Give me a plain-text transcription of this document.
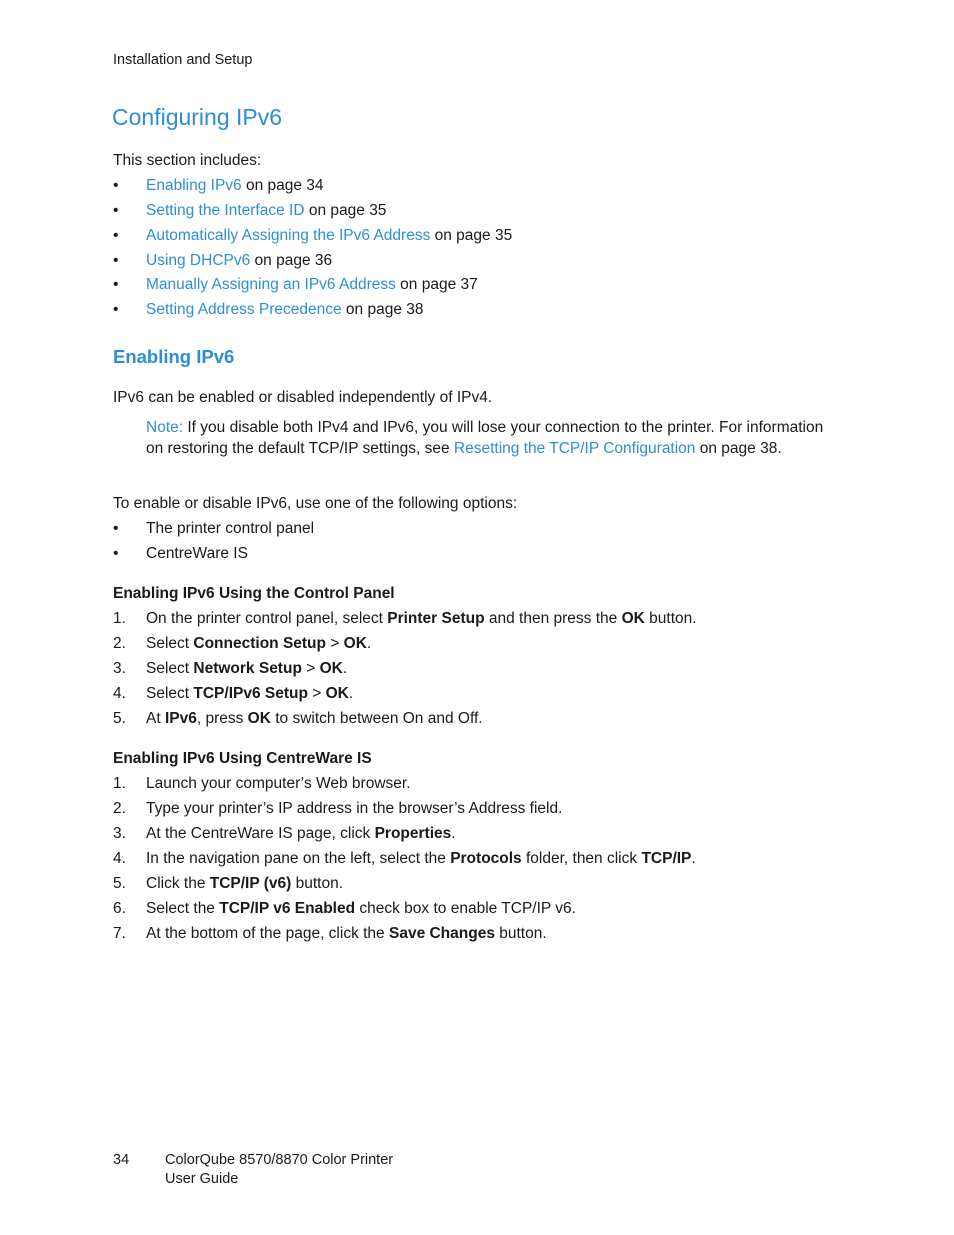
Installation and Setup
Configuring IPv6
This section includes:
• Enabling IPv6 on page 34
• Setting the Interface ID on page 35
• Automatically Assigning the IPv6 Address on page 35
• Using DHCPv6 on page 36
• Manually Assigning an IPv6 Address on page 37
• Setting Address Precedence on page 38
Enabling IPv6
IPv6 can be enabled or disabled independently of IPv4.
Note: If you disable both IPv4 and IPv6, you will lose your connection to the printer. For information on restoring the default TCP/IP settings, see Resetting the TCP/IP Configuration on page 38.
To enable or disable IPv6, use one of the following options:
• The printer control panel
• CentreWare IS
Enabling IPv6 Using the Control Panel
1. On the printer control panel, select Printer Setup and then press the OK button.
2. Select Connection Setup > OK.
3. Select Network Setup > OK.
4. Select TCP/IPv6 Setup > OK.
5. At IPv6, press OK to switch between On and Off.
Enabling IPv6 Using CentreWare IS
1. Launch your computer’s Web browser.
2. Type your printer’s IP address in the browser’s Address field.
3. At the CentreWare IS page, click Properties.
4. In the navigation pane on the left, select the Protocols folder, then click TCP/IP.
5. Click the TCP/IP (v6) button.
6. Select the TCP/IP v6 Enabled check box to enable TCP/IP v6.
7. At the bottom of the page, click the Save Changes button.
34 ColorQube 8570/8870 Color Printer
User Guide
